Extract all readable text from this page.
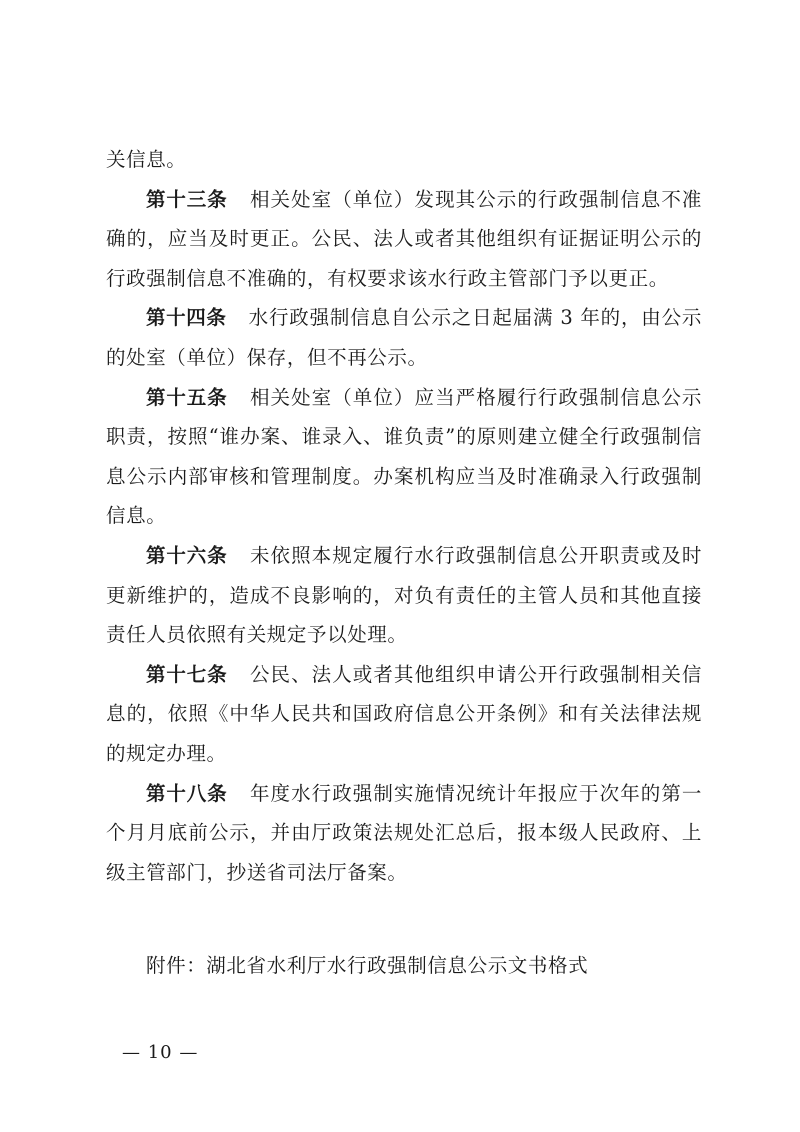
关信息。

第十三条 相关处室（单位）发现其公示的行政强制信息不准确的，应当及时更正。公民、法人或者其他组织有证据证明公示的行政强制信息不准确的，有权要求该水行政主管部门予以更正。

第十四条 水行政强制信息自公示之日起届满 3 年的，由公示的处室（单位）保存，但不再公示。

第十五条 相关处室（单位）应当严格履行行政强制信息公示职责，按照“谁办案、谁录入、谁负责”的原则建立健全行政强制信息公示内部审核和管理制度。办案机构应当及时准确录入行政强制信息。

第十六条 未依照本规定履行水行政强制信息公开职责或及时更新维护的，造成不良影响的，对负有责任的主管人员和其他直接责任人员依照有关规定予以处理。

第十七条 公民、法人或者其他组织申请公开行政强制相关信息的，依照《中华人民共和国政府信息公开条例》和有关法律法规的规定办理。

第十八条 年度水行政强制实施情况统计年报应于次年的第一个月月底前公示，并由厅政策法规处汇总后，报本级人民政府、上级主管部门，抄送省司法厅备案。

附件：湖北省水利厅水行政强制信息公示文书格式
— 10 —
